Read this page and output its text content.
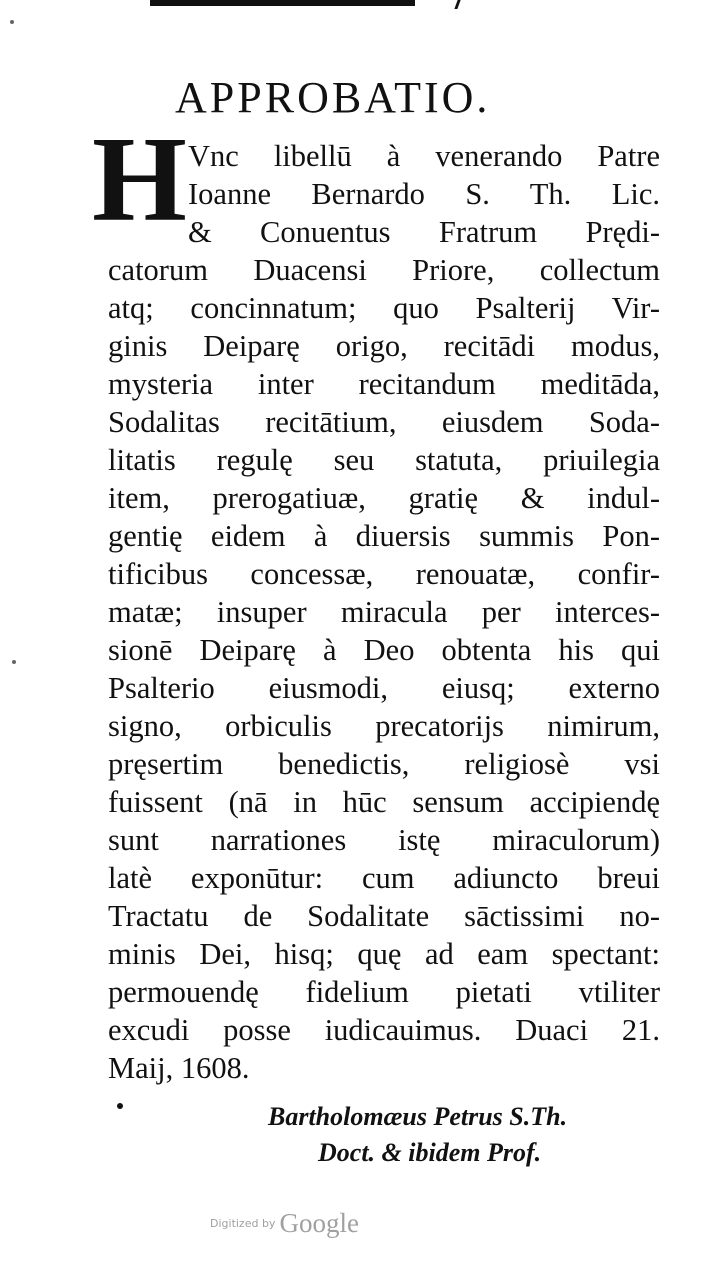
APPROBATIO.
H Vnc libellū à venerando Patre
Ioanne Bernardo S. Th. Lic.
& Conuentus Fratrum Prędi-
catorum Duacensi Priore, collectum
atq; concinnatum; quo Psalterij Vir-
ginis Deiparę origo, recitādi modus,
mysteria inter recitandum meditāda,
Sodalitas recitātium, eiusdem Soda-
litatis regulę seu statuta, priuilegia
item, prerogatiuæ, gratię & indul-
gentię eidem à diuersis summis Pon-
tificibus concessæ, renouatæ, confir-
matæ; insuper miracula per interces-
sionē Deiparę à Deo obtenta his qui
Psalterio eiusmodi, eiusq; externo
signo, orbiculis precatorijs nimirum,
pręsertim benedictis, religiosè vsi
fuissent (nā in hūc sensum accipiendę
sunt narrationes istę miraculorum)
latè exponūtur: cum adiuncto breui
Tractatu de Sodalitate sāctissimi no-
minis Dei, hisq; quę ad eam spectant:
permouendę fidelium pietati vtiliter
excudi posse iudicauimus. Duaci 21.
Maij, 1608.
Bartholomæus Petrus S.Th.
Doct. & ibidem Prof.
Digitized by Google
